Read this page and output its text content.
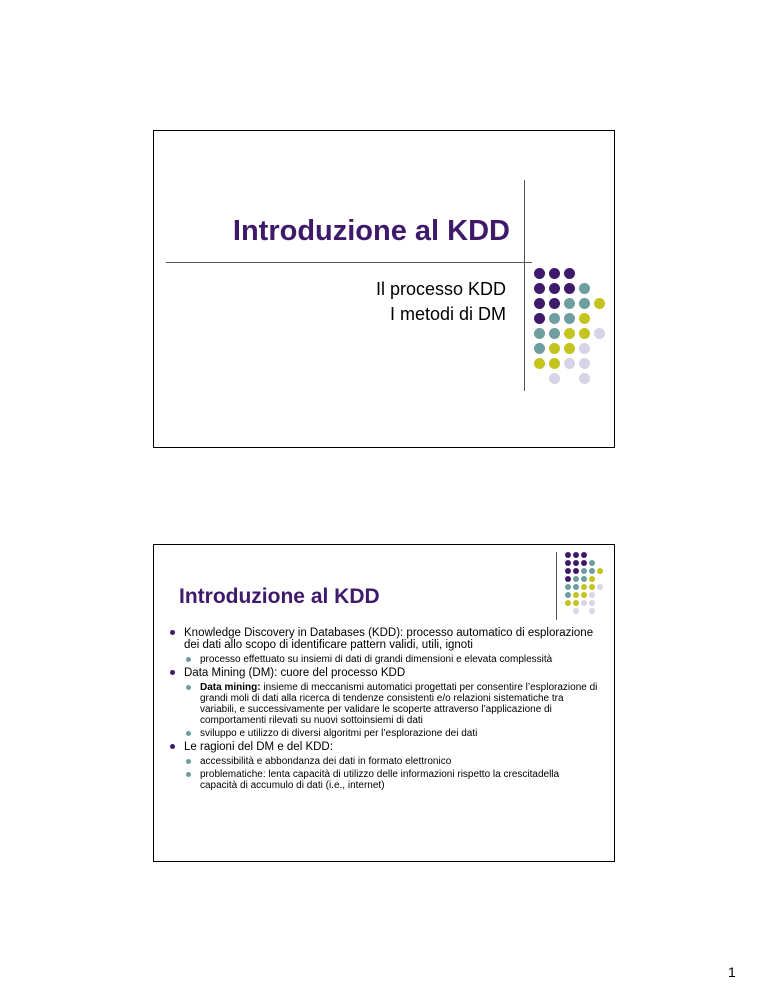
Introduzione al KDD
Il processo KDD
I metodi di DM
Introduzione al KDD
Knowledge Discovery in Databases (KDD): processo automatico di esplorazione dei dati allo scopo di identificare pattern validi, utili, ignoti
processo effettuato su insiemi di dati di grandi dimensioni e elevata complessità
Data Mining (DM): cuore del processo KDD
Data mining: insieme di meccanismi automatici progettati per consentire l’esplorazione di grandi moli di dati alla ricerca di tendenze consistenti e/o relazioni sistematiche tra variabili, e successivamente per validare le scoperte attraverso l’applicazione di comportamenti rilevati su nuovi sottoinsiemi di dati
sviluppo e utilizzo di diversi algoritmi per l’esplorazione dei dati
Le ragioni del DM e del KDD:
accessibilità e abbondanza dei dati in formato elettronico
problematiche: lenta capacità di utilizzo delle informazioni rispetto la crescitadella capacità di accumulo di dati (i.e., internet)
1
